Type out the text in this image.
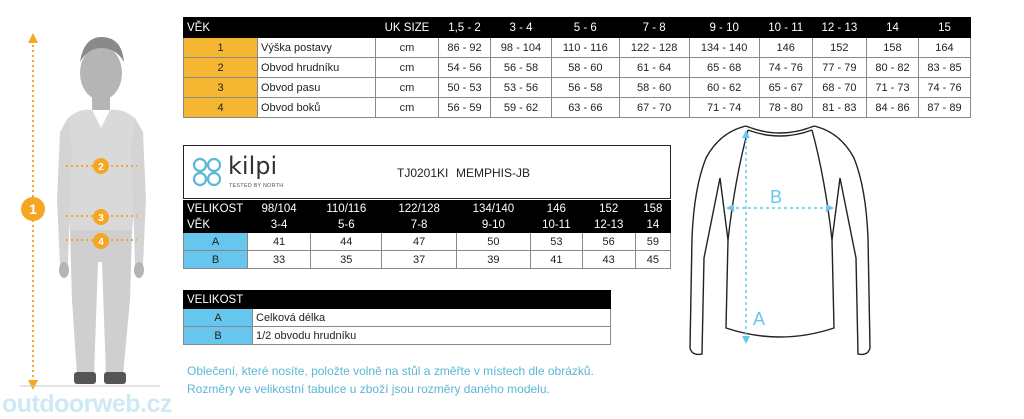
1
2
3
4
VĚK		UK SIZE	1,5 - 2	3 - 4	5 - 6	7 - 8	9 - 10	10 - 11	12 - 13	14	15
1	Výška postavy	cm	86 - 92	98 - 104	110 - 116	122 - 128	134 - 140	146	152	158	164
2	Obvod hrudníku	cm	54 - 56	56 - 58	58 - 60	61 - 64	65 - 68	74 - 76	77 - 79	80 - 82	83 - 85
3	Obvod pasu	cm	50 - 53	53 - 56	56 - 58	58 - 60	60 - 62	65 - 67	68 - 70	71 - 73	74 - 76
4	Obvod boků	cm	56 - 59	59 - 62	63 - 66	67 - 70	71 - 74	78 - 80	81 - 83	84 - 86	87 - 89
kilpi
TESTED BY NORTH
TJ0201KI MEMPHIS-JB
VELIKOST	98/104	110/116	122/128	134/140	146	152	158
VĚK	3-4	5-6	7-8	9-10	10-11	12-13	14
A	41	44	47	50	53	56	59
B	33	35	37	39	41	43	45
VELIKOST	
A	Celková délka
B	1/2 obvodu hrudníku
Oblečení, které nosíte, položte volně na stůl a změřte v místech dle obrázků.
Rozměry ve velikostní tabulce u zboží jsou rozměry daného modelu.
outdoorweb.cz
A
B
